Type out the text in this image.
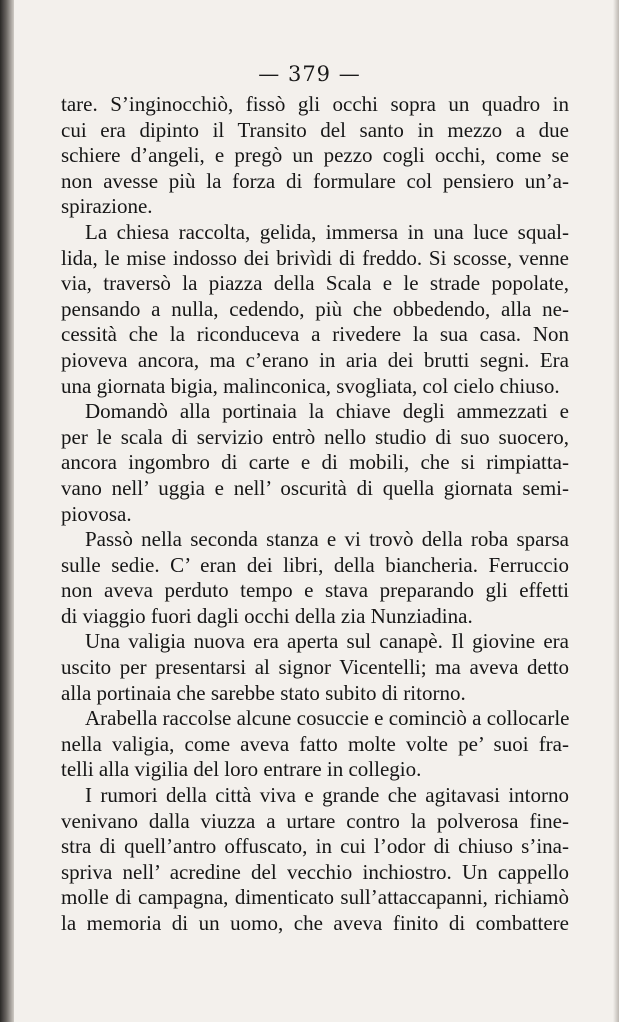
— 379 —
tare. S’inginocchiò, fissò gli occhi sopra un quadro in
cui era dipinto il Transito del santo in mezzo a due
schiere d’angeli, e pregò un pezzo cogli occhi, come se
non avesse più la forza di formulare col pensiero un’a-
spirazione.
La chiesa raccolta, gelida, immersa in una luce squal-
lida, le mise indosso dei brivìdi di freddo. Si scosse, venne
via, traversò la piazza della Scala e le strade popolate,
pensando a nulla, cedendo, più che obbedendo, alla ne-
cessità che la riconduceva a rivedere la sua casa. Non
pioveva ancora, ma c’erano in aria dei brutti segni. Era
una giornata bigia, malinconica, svogliata, col cielo chiuso.
Domandò alla portinaia la chiave degli ammezzati e
per le scala di servizio entrò nello studio di suo suocero,
ancora ingombro di carte e di mobili, che si rimpiatta-
vano nell’ uggia e nell’ oscurità di quella giornata semi-
piovosa.
Passò nella seconda stanza e vi trovò della roba sparsa
sulle sedie. C’ eran dei libri, della biancheria. Ferruccio
non aveva perduto tempo e stava preparando gli effetti
di viaggio fuori dagli occhi della zia Nunziadina.
Una valigia nuova era aperta sul canapè. Il giovine era
uscito per presentarsi al signor Vicentelli; ma aveva detto
alla portinaia che sarebbe stato subito di ritorno.
Arabella raccolse alcune cosuccie e cominciò a collocarle
nella valigia, come aveva fatto molte volte pe’ suoi fra-
telli alla vigilia del loro entrare in collegio.
I rumori della città viva e grande che agitavasi intorno
venivano dalla viuzza a urtare contro la polverosa fine-
stra di quell’antro offuscato, in cui l’odor di chiuso s’ina-
spriva nell’ acredine del vecchio inchiostro. Un cappello
molle di campagna, dimenticato sull’attaccapanni, richiamò
la memoria di un uomo, che aveva finito di combattere
